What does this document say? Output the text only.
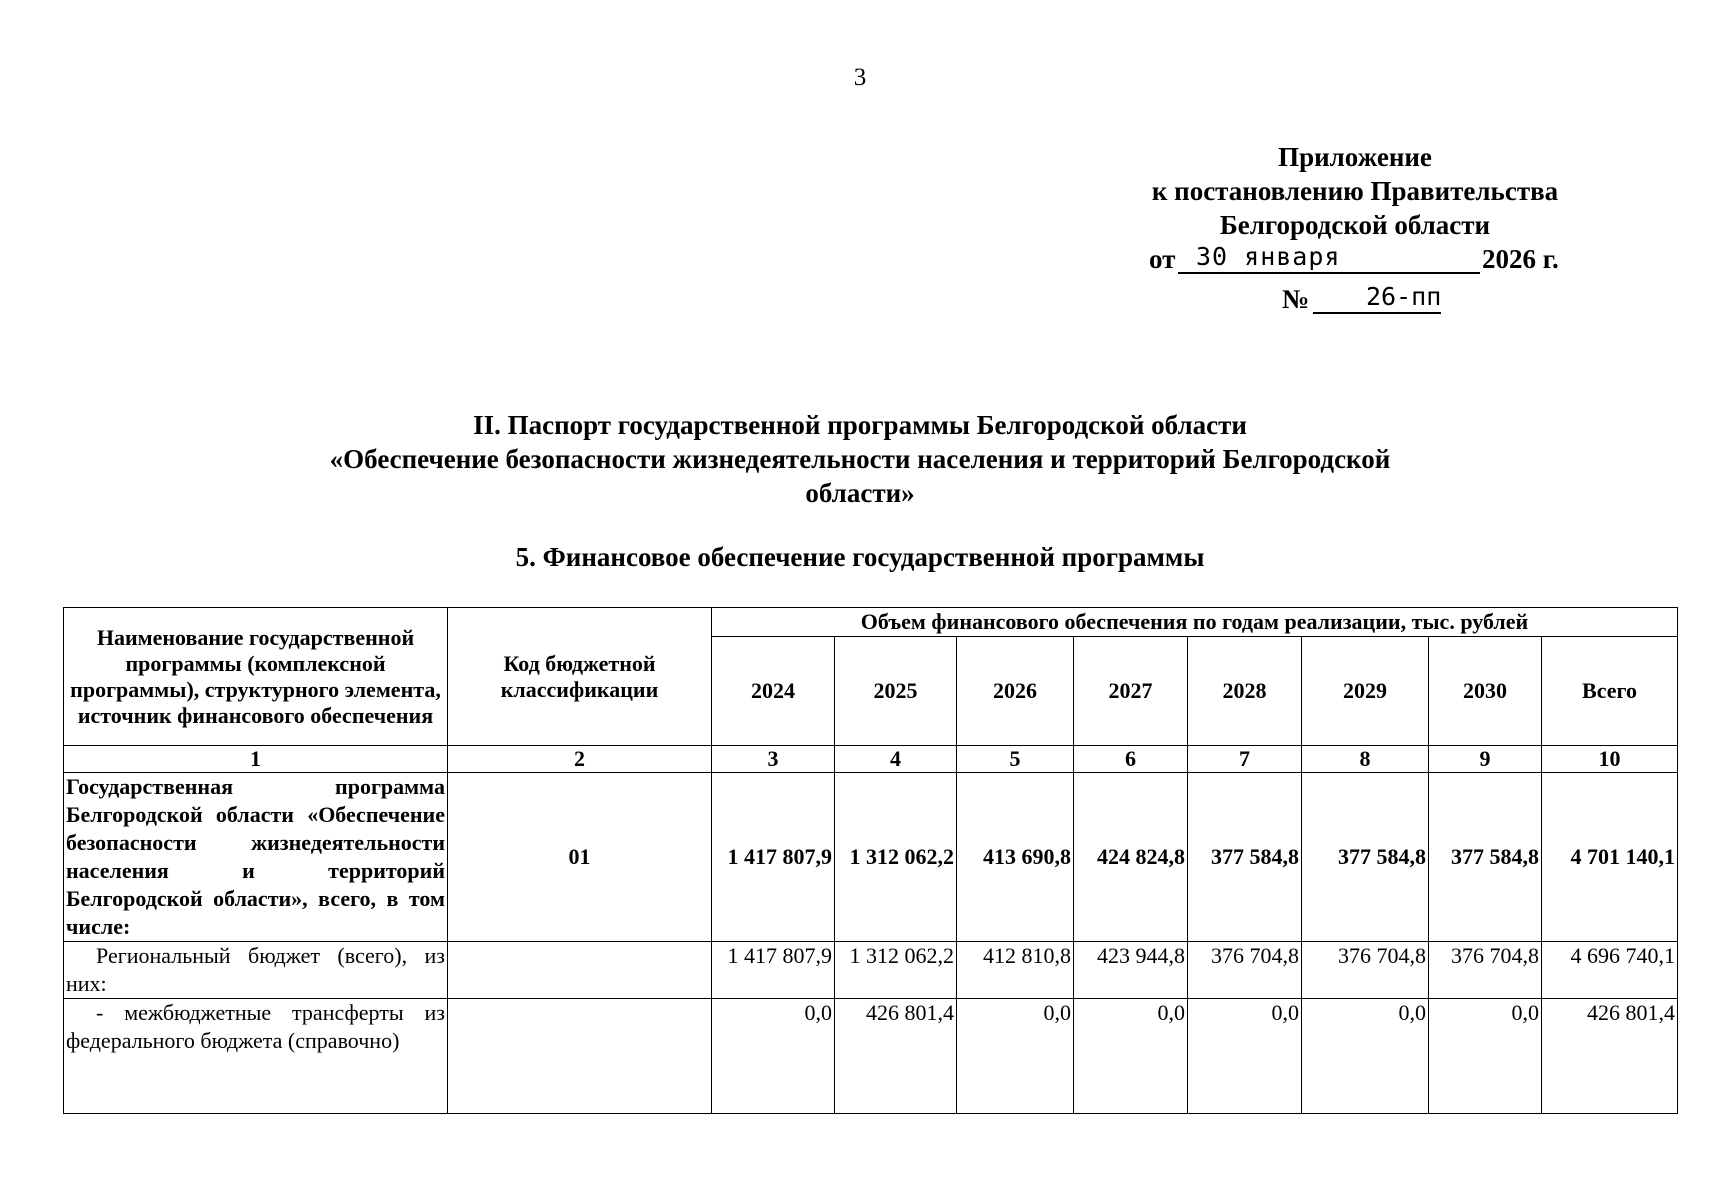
3
Приложение
к постановлению Правительства
Белгородской области
от 30 января	2026 г.
№ 26-пп
II. Паспорт государственной программы Белгородской области
«Обеспечение безопасности жизнедеятельности населения и территорий Белгородской
области»
5. Финансовое обеспечение государственной программы
Наименование государственной программы (комплексной программы), структурного элемента, источник финансового обеспечения	Код бюджетной классификации	Объем финансового обеспечения по годам реализации, тыс. рублей							
		2024	2025	2026	2027	2028	2029	2030	Всего
1	2	3	4	5	6	7	8	9	10
Государственная программа Белгородской области «Обеспечение безопасности жизнедеятельности населения и территорий Белгородской области», всего, в том числе:	01	1 417 807,9	1 312 062,2	413 690,8	424 824,8	377 584,8	377 584,8	377 584,8	4 701 140,1
Региональный бюджет (всего), из них:		1 417 807,9	1 312 062,2	412 810,8	423 944,8	376 704,8	376 704,8	376 704,8	4 696 740,1
- межбюджетные трансферты из федерального бюджета (справочно)		0,0	426 801,4	0,0	0,0	0,0	0,0	0,0	426 801,4
